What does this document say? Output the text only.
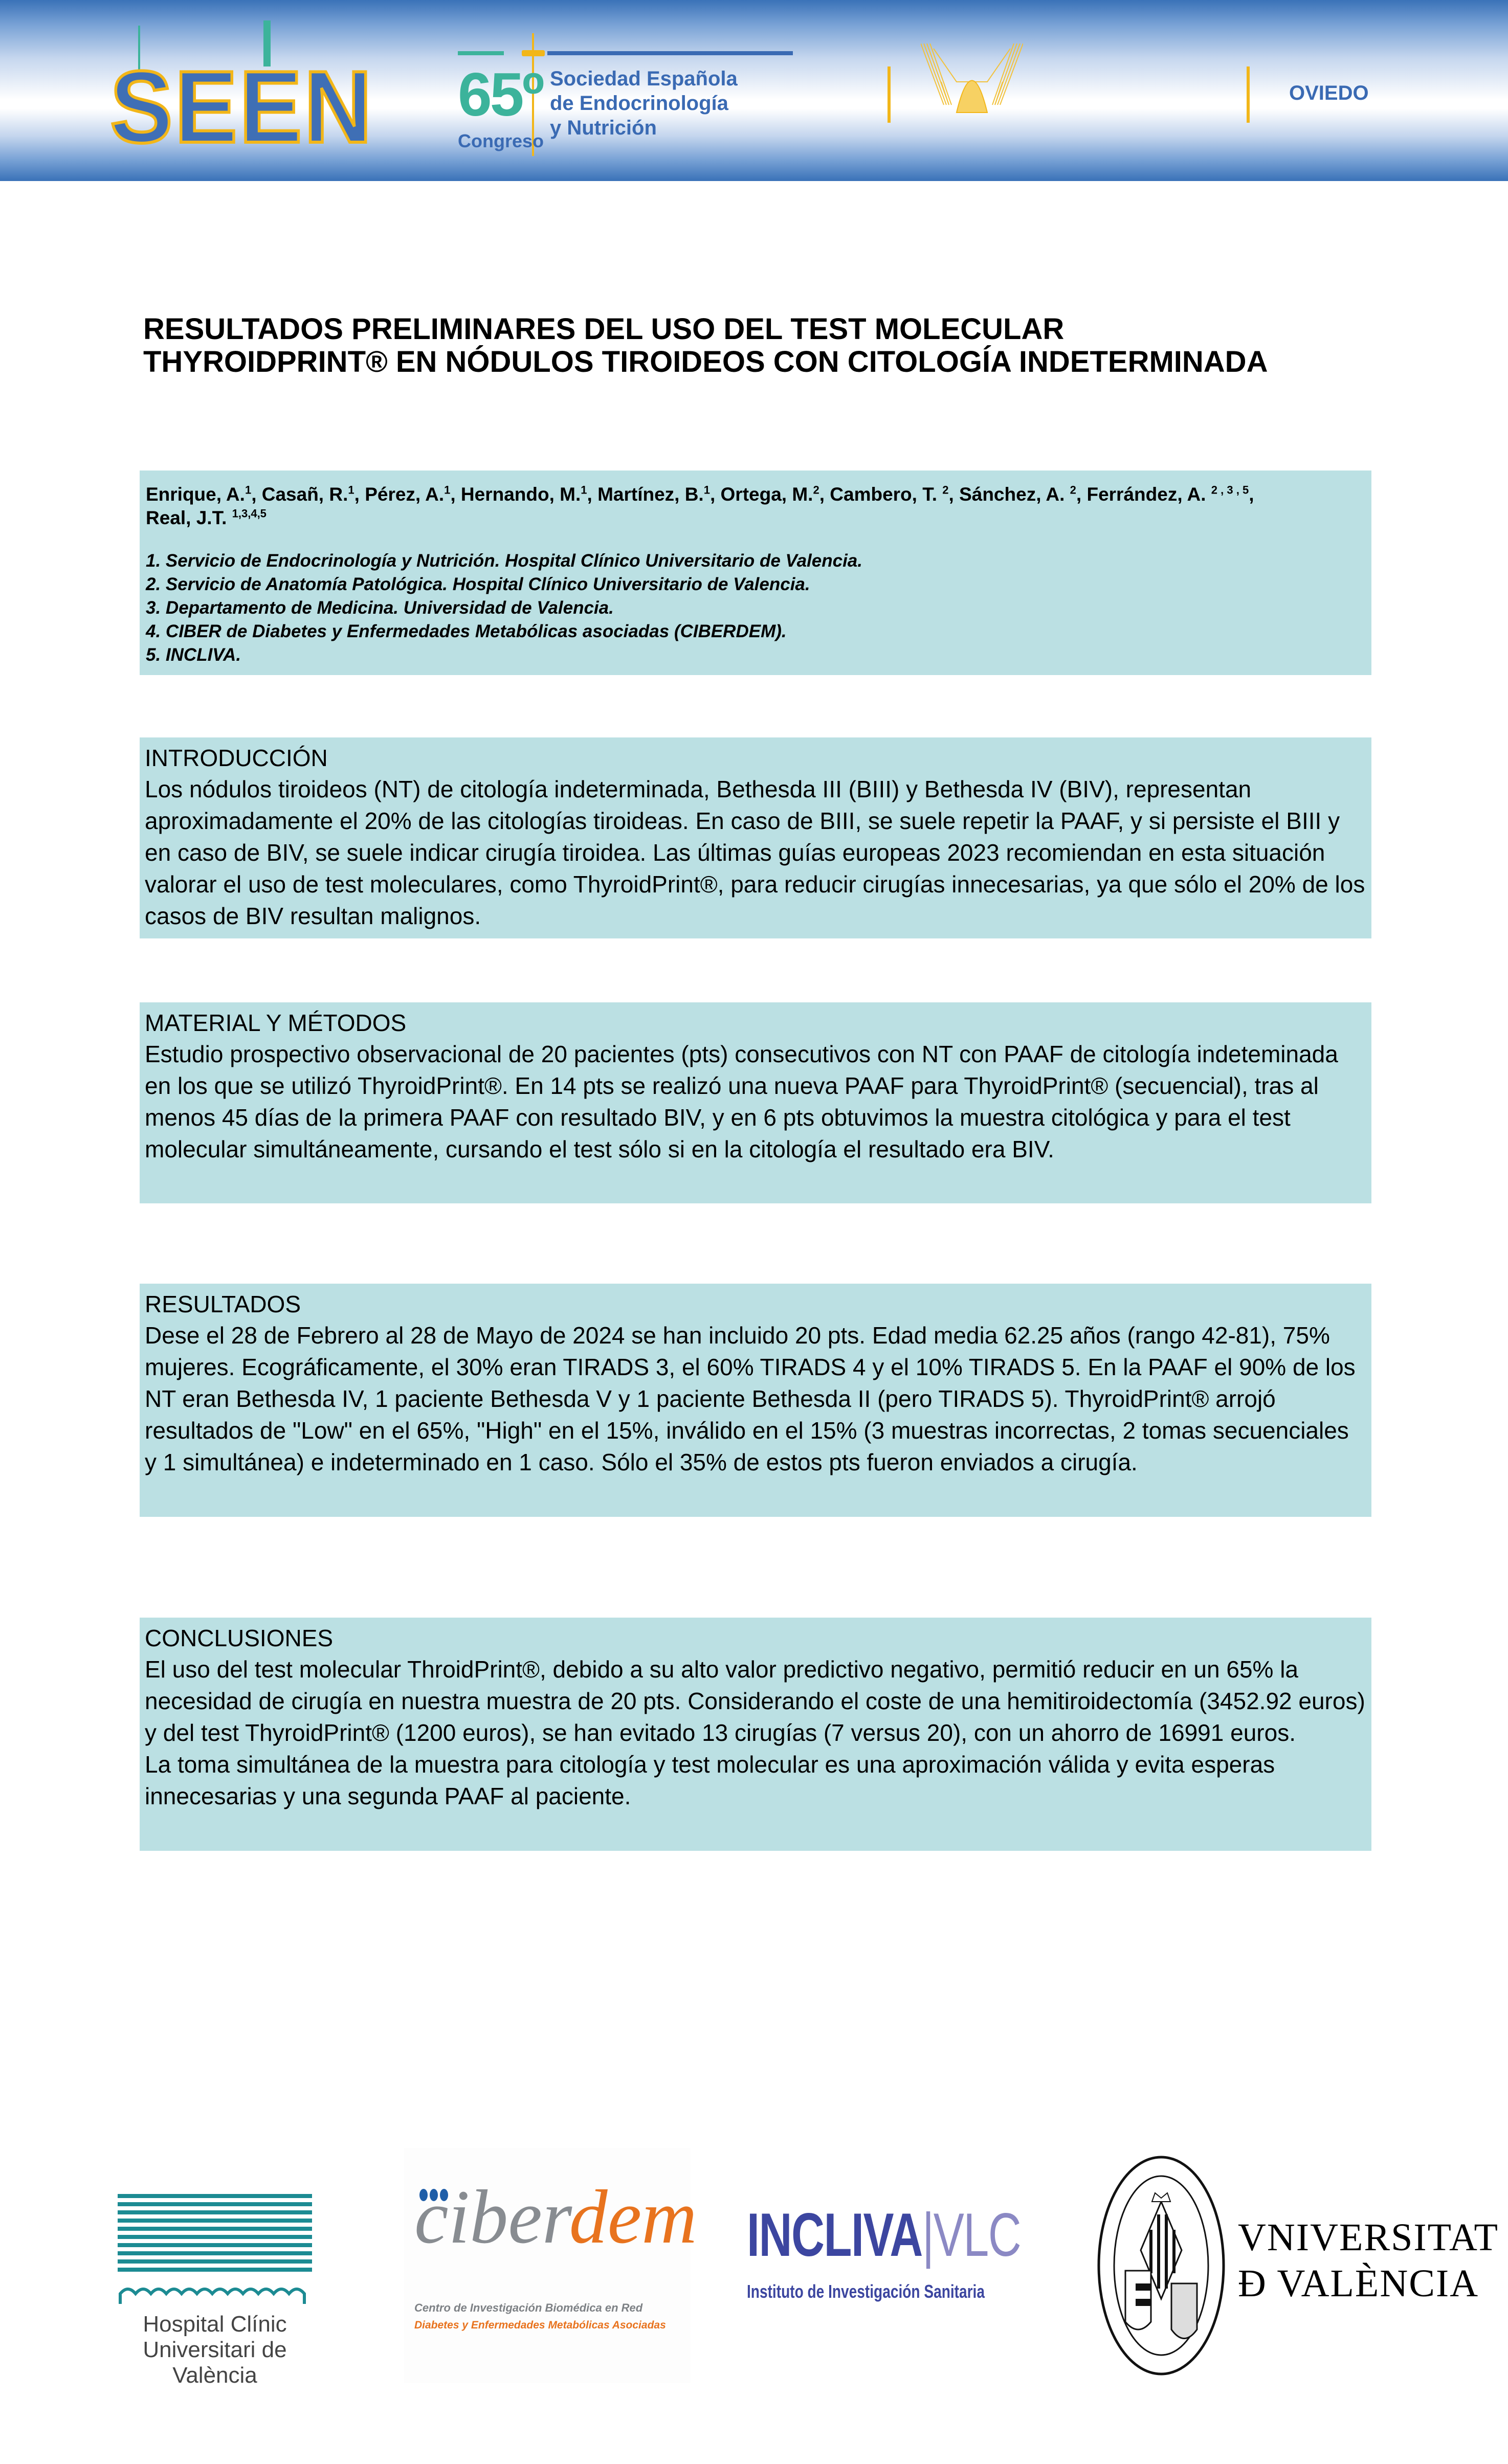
SEEN 65º
Congreso
Sociedad Española
de Endocrinología
y Nutrición
OVIEDO
RESULTADOS PRELIMINARES DEL USO DEL TEST MOLECULAR
THYROIDPRINT® EN NÓDULOS TIROIDEOS CON CITOLOGÍA INDETERMINADA
Enrique, A.$^1$, Casañ, R.$^1$, Pérez, A.$^1$, Hernando, M.$^1$, Martínez, B.$^1$, Ortega, M.$^2$, Cambero, T. $^2$, Sánchez, A. $^2$, Ferrández, A. $^{2 , 3 , 5}$,
Real, J.T. $^{1,3,4,5}$
1. Servicio de Endocrinología y Nutrición. Hospital Clínico Universitario de Valencia.
2. Servicio de Anatomía Patológica. Hospital Clínico Universitario de Valencia.
3. Departamento de Medicina. Universidad de Valencia.
4. CIBER de Diabetes y Enfermedades Metabólicas asociadas (CIBERDEM).
5. INCLIVA.
INTRODUCCIÓN
Los nódulos tiroideos (NT) de citología indeterminada, Bethesda III (BIII) y Bethesda IV (BIV), representan aproximadamente el 20% de las citologías tiroideas. En caso de BIII, se suele repetir la PAAF, y si persiste el BIII y en caso de BIV, se suele indicar cirugía tiroidea. Las últimas guías europeas 2023 recomiendan en esta situación valorar el uso de test moleculares, como ThyroidPrint®, para reducir cirugías innecesarias, ya que sólo el 20% de los casos de BIV resultan malignos.
MATERIAL Y MÉTODOS
Estudio prospectivo observacional de 20 pacientes (pts) consecutivos con NT con PAAF de citología indeteminada en los que se utilizó ThyroidPrint®. En 14 pts se realizó una nueva PAAF para ThyroidPrint® (secuencial), tras al menos 45 días de la primera PAAF con resultado BIV, y en 6 pts obtuvimos la muestra citológica y para el test molecular simultáneamente, cursando el test sólo si en la citología el resultado era BIV.
RESULTADOS
Dese el 28 de Febrero al 28 de Mayo de 2024 se han incluido 20 pts. Edad media 62.25 años (rango 42-81), 75% mujeres. Ecográficamente, el 30% eran TIRADS 3, el 60% TIRADS 4 y el 10% TIRADS 5. En la PAAF el 90% de los NT eran Bethesda IV, 1 paciente Bethesda V y 1 paciente Bethesda II (pero TIRADS 5). ThyroidPrint® arrojó resultados de "Low" en el 65%, "High" en el 15%, inválido en el 15% (3 muestras incorrectas, 2 tomas secuenciales y 1 simultánea) e indeterminado en 1 caso. Sólo el 35% de estos pts fueron enviados a cirugía.
CONCLUSIONES
El uso del test molecular ThroidPrint®, debido a su alto valor predictivo negativo, permitió reducir en un 65% la necesidad de cirugía en nuestra muestra de 20 pts. Considerando el coste de una hemitiroidectomía (3452.92 euros) y del test ThyroidPrint® (1200 euros), se han evitado 13 cirugías (7 versus 20), con un ahorro de 16991 euros.
La toma simultánea de la muestra para citología y test molecular es una aproximación válida y evita esperas innecesarias y una segunda PAAF al paciente.
Hospital Clínic
Universitari de València
ciberdem
Centro de Investigación Biomédica en Red
Diabetes y Enfermedades Metabólicas Asociadas
INCLIVA|VLC
Instituto de Investigación Sanitaria
VNIVERSITAT
Ð VALÈNCIA
